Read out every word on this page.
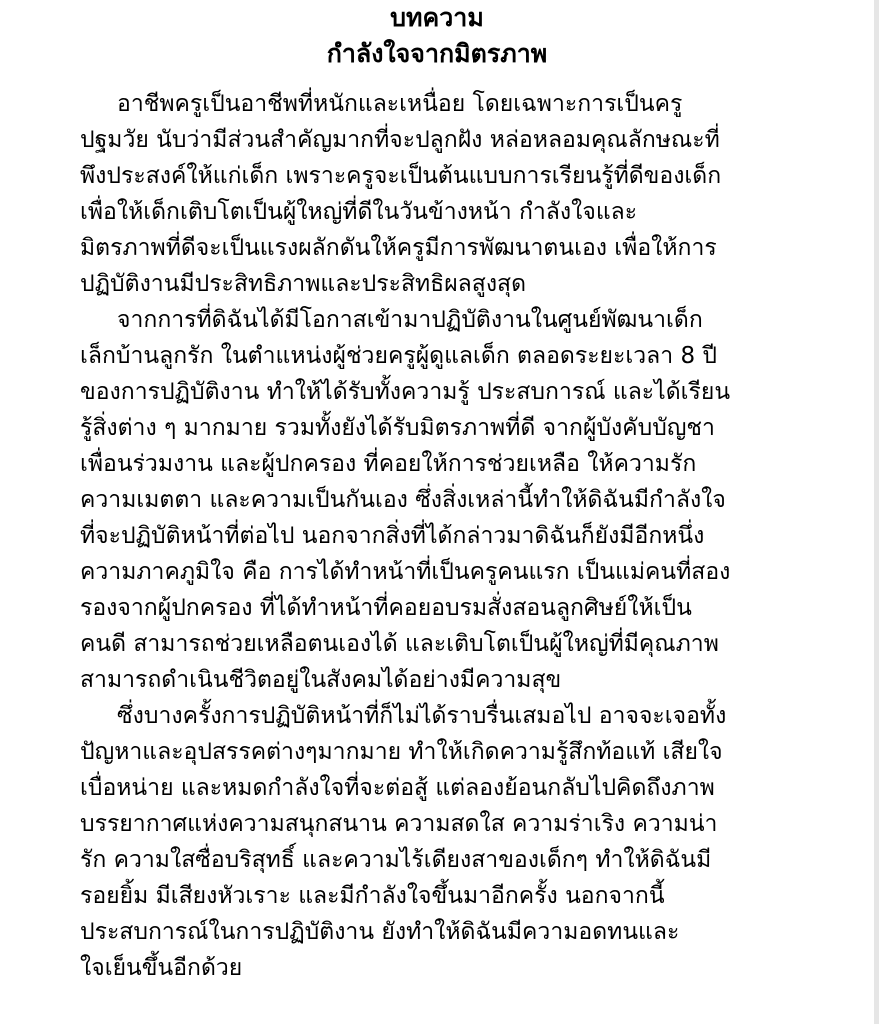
บทความ
กำลังใจจากมิตรภาพ

อาชีพครูเป็นอาชีพที่หนักและเหนื่อย โดยเฉพาะการเป็นครู

ปฐมวัย นับว่ามีส่วนสำคัญมากที่จะปลูกฝัง หล่อหลอมคุณลักษณะที่

พึงประสงค์ให้แก่เด็ก เพราะครูจะเป็นต้นแบบการเรียนรู้ที่ดีของเด็ก

เพื่อให้เด็กเติบโตเป็นผู้ใหญ่ที่ดีในวันข้างหน้า กำลังใจและ

มิตรภาพที่ดีจะเป็นแรงผลักดันให้ครูมีการพัฒนาตนเอง เพื่อให้การ

ปฏิบัติงานมีประสิทธิภาพและประสิทธิผลสูงสุด

จากการที่ดิฉันได้มีโอกาสเข้ามาปฏิบัติงานในศูนย์พัฒนาเด็ก

เล็กบ้านลูกรัก ในตำแหน่งผู้ช่วยครูผู้ดูแลเด็ก ตลอดระยะเวลา 8 ปี

ของการปฏิบัติงาน ทำให้ได้รับทั้งความรู้ ประสบการณ์ และได้เรียน

รู้สิ่งต่าง ๆ มากมาย รวมทั้งยังได้รับมิตรภาพที่ดี จากผู้บังคับบัญชา

เพื่อนร่วมงาน และผู้ปกครอง ที่คอยให้การช่วยเหลือ ให้ความรัก

ความเมตตา และความเป็นกันเอง ซึ่งสิ่งเหล่านี้ทำให้ดิฉันมีกำลังใจ

ที่จะปฏิบัติหน้าที่ต่อไป นอกจากสิ่งที่ได้กล่าวมาดิฉันก็ยังมีอีกหนึ่ง

ความภาคภูมิใจ คือ การได้ทำหน้าที่เป็นครูคนแรก เป็นแม่คนที่สอง

รองจากผู้ปกครอง ที่ได้ทำหน้าที่คอยอบรมสั่งสอนลูกศิษย์ให้เป็น

คนดี สามารถช่วยเหลือตนเองได้ และเติบโตเป็นผู้ใหญ่ที่มีคุณภาพ

สามารถดำเนินชีวิตอยู่ในสังคมได้อย่างมีความสุข

ซึ่งบางครั้งการปฏิบัติหน้าที่ก็ไม่ได้ราบรื่นเสมอไป อาจจะเจอทั้ง

ปัญหาและอุปสรรคต่างๆมากมาย ทำให้เกิดความรู้สึกท้อแท้ เสียใจ

เบื่อหน่าย และหมดกำลังใจที่จะต่อสู้ แต่ลองย้อนกลับไปคิดถึงภาพ

บรรยากาศแห่งความสนุกสนาน ความสดใส ความร่าเริง ความน่า

รัก ความใสซื่อบริสุทธิ์ และความไร้เดียงสาของเด็กๆ ทำให้ดิฉันมี

รอยยิ้ม มีเสียงหัวเราะ และมีกำลังใจขึ้นมาอีกครั้ง นอกจากนี้

ประสบการณ์ในการปฏิบัติงาน ยังทำให้ดิฉันมีความอดทนและ

ใจเย็นขึ้นอีกด้วย
